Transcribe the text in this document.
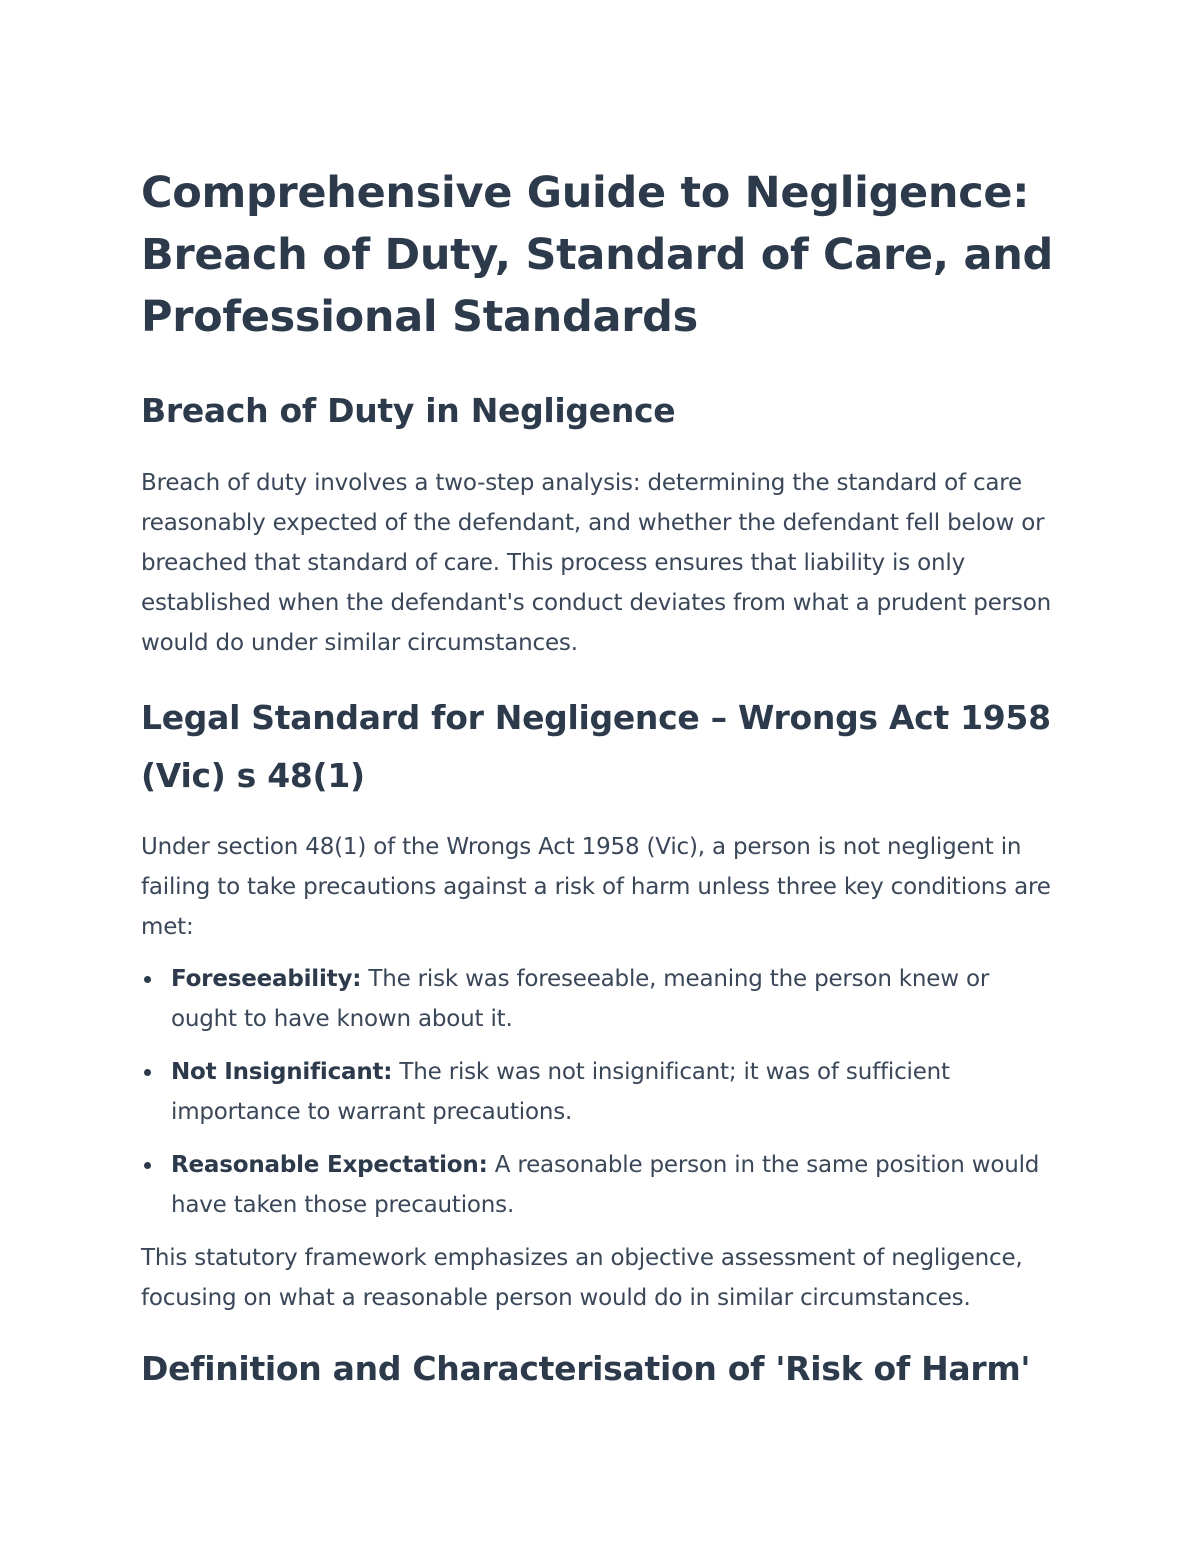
Comprehensive Guide to Negligence: Breach of Duty, Standard of Care, and Professional Standards
Breach of Duty in Negligence

Breach of duty involves a two-step analysis: determining the standard of care reasonably expected of the defendant, and whether the defendant fell below or breached that standard of care. This process ensures that liability is only established when the defendant's conduct deviates from what a prudent person would do under similar circumstances.

Legal Standard for Negligence – Wrongs Act 1958 (Vic) s 48(1)

Under section 48(1) of the Wrongs Act 1958 (Vic), a person is not negligent in failing to take precautions against a risk of harm unless three key conditions are met:

Foreseeability: The risk was foreseeable, meaning the person knew or ought to have known about it.
Not Insignificant: The risk was not insignificant; it was of sufficient importance to warrant precautions.
Reasonable Expectation: A reasonable person in the same position would have taken those precautions.

This statutory framework emphasizes an objective assessment of negligence, focusing on what a reasonable person would do in similar circumstances.

Definition and Characterisation of 'Risk of Harm'
